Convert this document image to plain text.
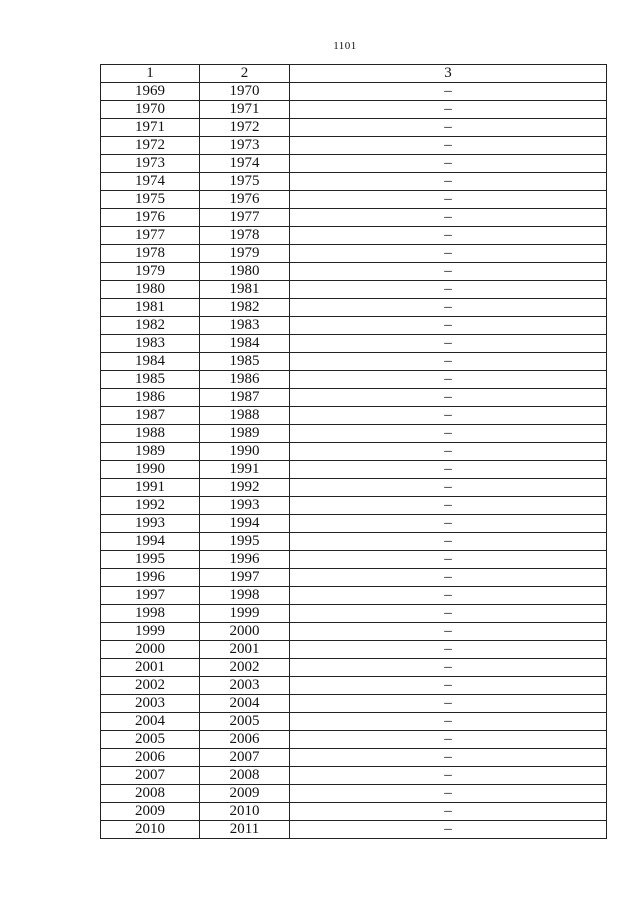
1101
1	2	3
1969	1970	–
1970	1971	–
1971	1972	–
1972	1973	–
1973	1974	–
1974	1975	–
1975	1976	–
1976	1977	–
1977	1978	–
1978	1979	–
1979	1980	–
1980	1981	–
1981	1982	–
1982	1983	–
1983	1984	–
1984	1985	–
1985	1986	–
1986	1987	–
1987	1988	–
1988	1989	–
1989	1990	–
1990	1991	–
1991	1992	–
1992	1993	–
1993	1994	–
1994	1995	–
1995	1996	–
1996	1997	–
1997	1998	–
1998	1999	–
1999	2000	–
2000	2001	–
2001	2002	–
2002	2003	–
2003	2004	–
2004	2005	–
2005	2006	–
2006	2007	–
2007	2008	–
2008	2009	–
2009	2010	–
2010	2011	–
